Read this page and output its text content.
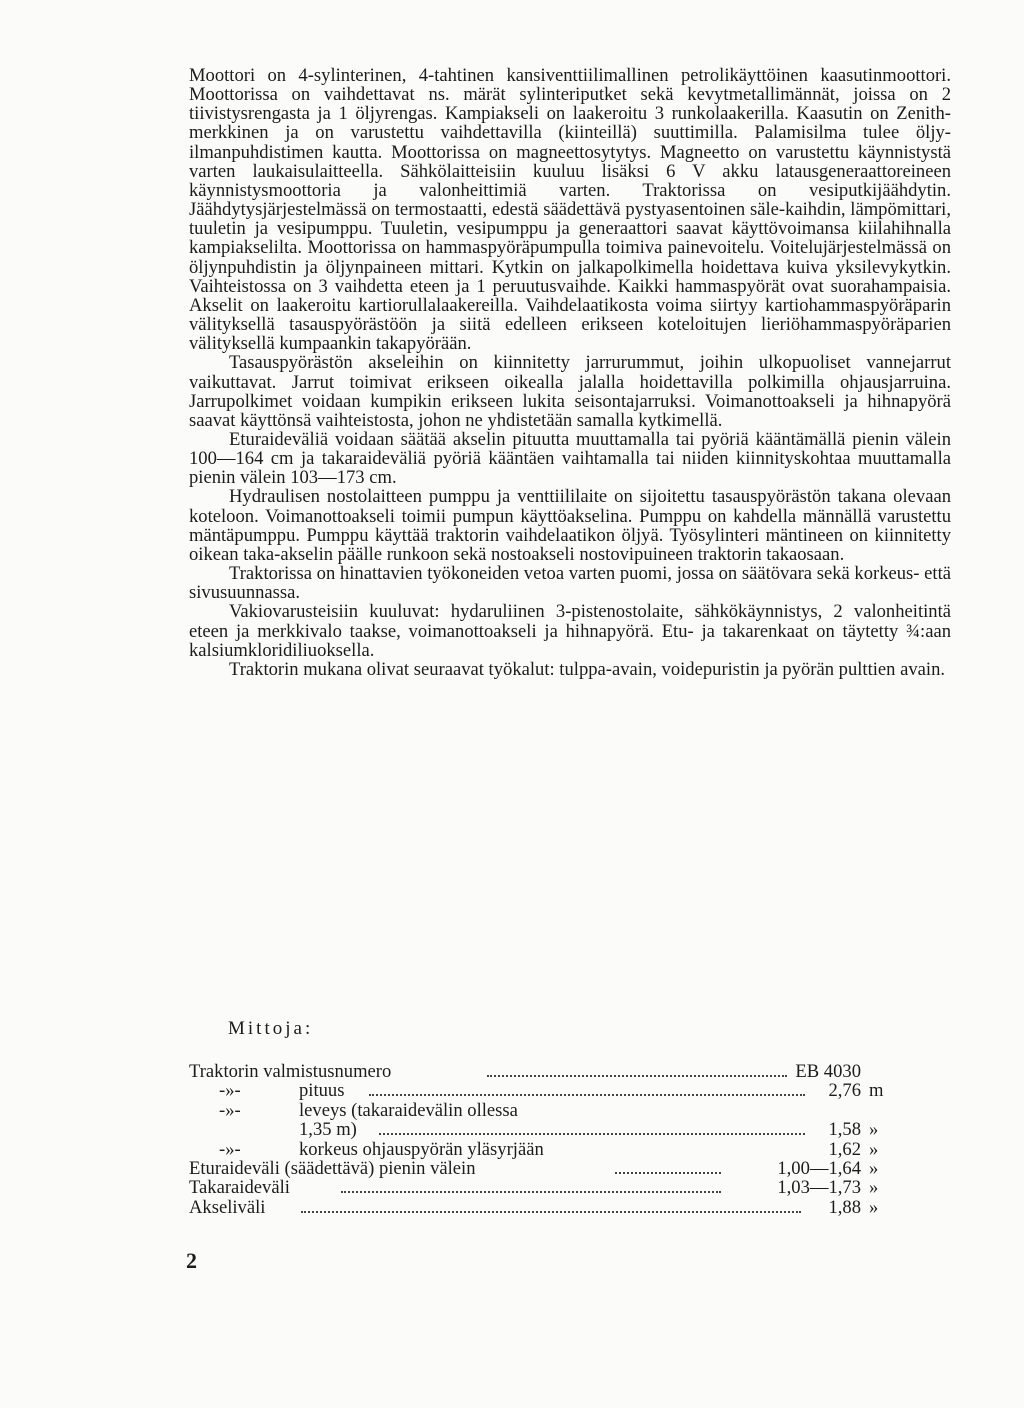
Moottori on 4-sylinterinen, 4-tahtinen kansiventtiilimallinen petrolikäyttöinen kaasutinmoottori. Moottorissa on vaihdettavat ns. märät sylinteriputket sekä kevytmetallimännät, joissa on 2 tiivistysrengasta ja 1 öljyrengas. Kampiakseli on laakeroitu 3 runkolaakerilla. Kaasutin on Zenith-merkkinen ja on varustettu vaihdettavilla (kiinteillä) suuttimilla. Palamisilma tulee öljy-ilmanpuhdistimen kautta. Moottorissa on magneettosytytys. Magneetto on varustettu käynnistystä varten laukaisulaitteella. Sähkölaitteisiin kuuluu lisäksi 6 V akku latausgeneraattoreineen käynnistysmoottoria ja valonheittimiä varten. Traktorissa on vesiputkijäähdytin. Jäähdytysjärjestelmässä on termostaatti, edestä säädettävä pystyasentoinen säle-kaihdin, lämpömittari, tuuletin ja vesipumppu. Tuuletin, vesipumppu ja generaattori saavat käyttövoimansa kiilahihnalla kampiakselilta. Moottorissa on hammaspyöräpumpulla toimiva painevoitelu. Voitelujärjestelmässä on öljynpuhdistin ja öljynpaineen mittari. Kytkin on jalkapolkimella hoidettava kuiva yksilevykytkin. Vaihteistossa on 3 vaihdetta eteen ja 1 peruutusvaihde. Kaikki hammaspyörät ovat suorahampaisia. Akselit on laakeroitu kartiorullalaakereilla. Vaihdelaatikosta voima siirtyy kartiohammaspyöräparin välityksellä tasauspyörästöön ja siitä edelleen erikseen koteloitujen lieriöhammaspyöräparien välityksellä kumpaankin takapyörään.

Tasauspyörästön akseleihin on kiinnitetty jarrurummut, joihin ulkopuoliset vannejarrut vaikuttavat. Jarrut toimivat erikseen oikealla jalalla hoidettavilla polkimilla ohjausjarruina. Jarrupolkimet voidaan kumpikin erikseen lukita seisontajarruksi. Voimanottoakseli ja hihnapyörä saavat käyttönsä vaihteistosta, johon ne yhdistetään samalla kytkimellä.

Eturaideväliä voidaan säätää akselin pituutta muuttamalla tai pyöriä kääntämällä pienin välein 100—164 cm ja takaraideväliä pyöriä kääntäen vaihtamalla tai niiden kiinnityskohtaa muuttamalla pienin välein 103—173 cm.

Hydraulisen nostolaitteen pumppu ja venttiililaite on sijoitettu tasauspyörästön takana olevaan koteloon. Voimanottoakseli toimii pumpun käyttöakselina. Pumppu on kahdella männällä varustettu mäntäpumppu. Pumppu käyttää traktorin vaihdelaatikon öljyä. Työsylinteri mäntineen on kiinnitetty oikean taka-akselin päälle runkoon sekä nostoakseli nostovipuineen traktorin takaosaan.

Traktorissa on hinattavien työkoneiden vetoa varten puomi, jossa on säätövara sekä korkeus- että sivusuunnassa.

Vakiovarusteisiin kuuluvat: hydaruliinen 3-pistenostolaite, sähkökäynnistys, 2 valonheitintä eteen ja merkkivalo taakse, voimanottoakseli ja hihnapyörä. Etu- ja takarenkaat on täytetty ¾:aan kalsiumkloridiliuoksella.

Traktorin mukana olivat seuraavat työkalut: tulppa-avain, voidepuristin ja pyörän pulttien avain.

Mittoja:
Traktorin valmistusnumero	EB 4030
-»-	pituus	2,76 m
-»-	leveys (takaraidevälin ollessa
1,35 m)	1,58 »
-»-	korkeus ohjauspyörän yläsyrjään	1,62 »
Eturaideväli (säädettävä) pienin välein	1,00—1,64 »
Takaraideväli	1,03—1,73 »
Akseliväli	1,88 »
2
